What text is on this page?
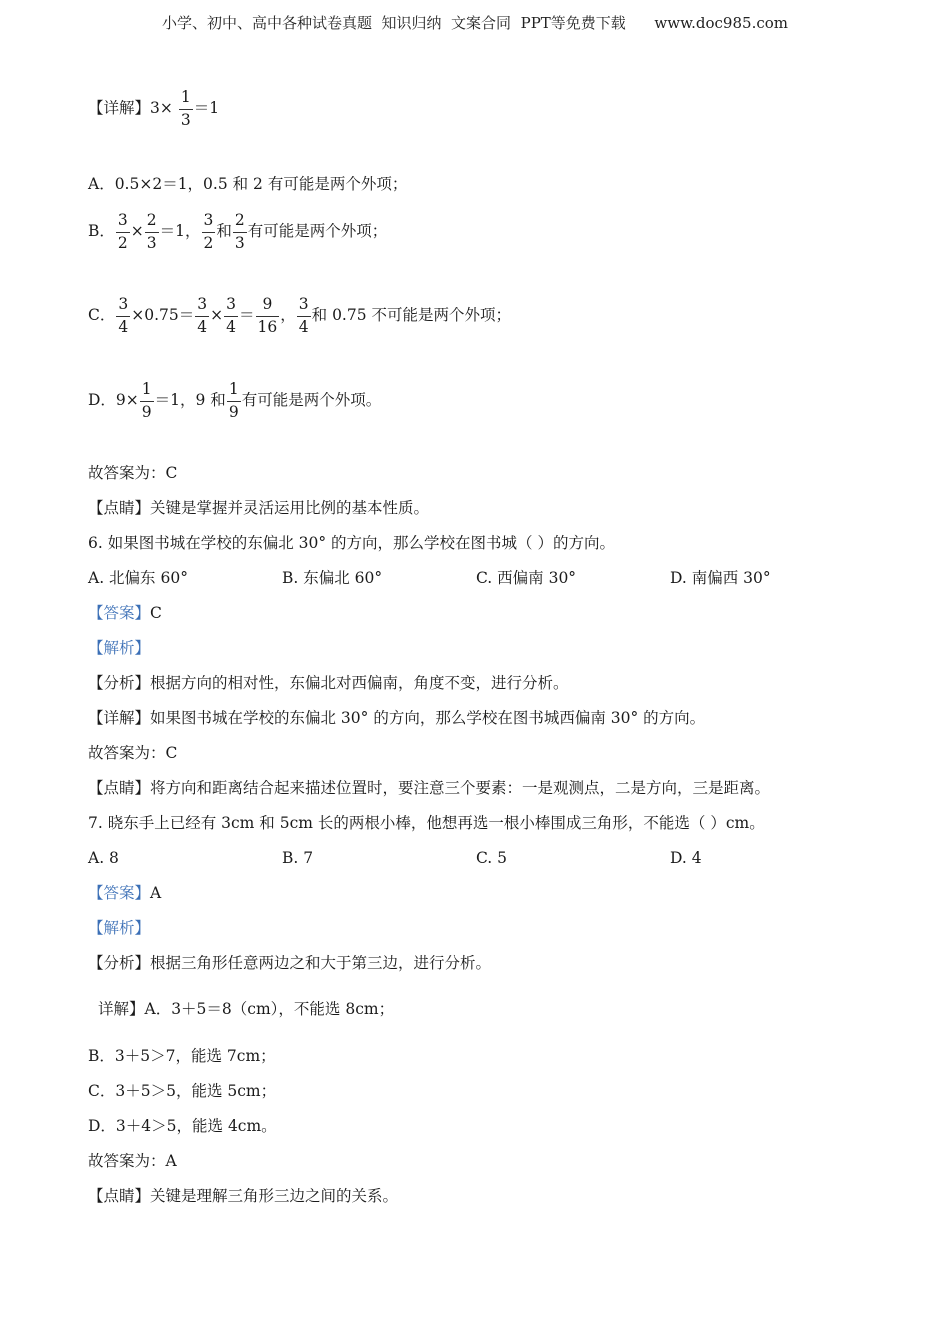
小学、初中、高中各种试卷真题  知识归纳  文案合同  PPT等免费下载      www.doc985.com
【详解】$3\times \frac{1}{3} =1$
A．0.5×2＝1，0.5 和 2 有可能是两个外项；
B． $\frac{3}{2} \times \frac{2}{3} =1$， $\frac{3}{2}$ 和 $\frac{2}{3}$ 有可能是两个外项；
C． $\frac{3}{4} \times 0.75= \frac{3}{4} \times \frac{3}{4} = \frac{9}{16}$ ， $\frac{3}{4}$ 和 0.75 不可能是两个外项；
D．$9\times \frac{1}{9} =1$，9 和 $\frac{1}{9}$ 有可能是两个外项。
故答案为：C
【点睛】关键是掌握并灵活运用比例的基本性质。
6. 如果图书城在学校的东偏北 30° 的方向，那么学校在图书城（ ）的方向。
A. 北偏东 60°	B. 东偏北 60°	C. 西偏南 30°	D. 南偏西 30°
【答案】C
【解析】
【分析】根据方向的相对性，东偏北对西偏南，角度不变，进行分析。
【详解】如果图书城在学校的东偏北 30° 的方向，那么学校在图书城西偏南 30° 的方向。
故答案为：C
【点睛】将方向和距离结合起来描述位置时，要注意三个要素：一是观测点，二是方向，三是距离。
7. 晓东手上已经有 3cm 和 5cm 长的两根小棒，他想再选一根小棒围成三角形，不能选（ ）cm。
A. 8	B. 7	C. 5	D. 4
【答案】A
【解析】
【分析】根据三角形任意两边之和大于第三边，进行分析。
详解】A．3＋5＝8（cm），不能选 8cm；
B．3＋5＞7，能选 7cm；
C．3＋5＞5，能选 5cm；
D．3＋4＞5，能选 4cm。
故答案为：A
【点睛】关键是理解三角形三边之间的关系。
